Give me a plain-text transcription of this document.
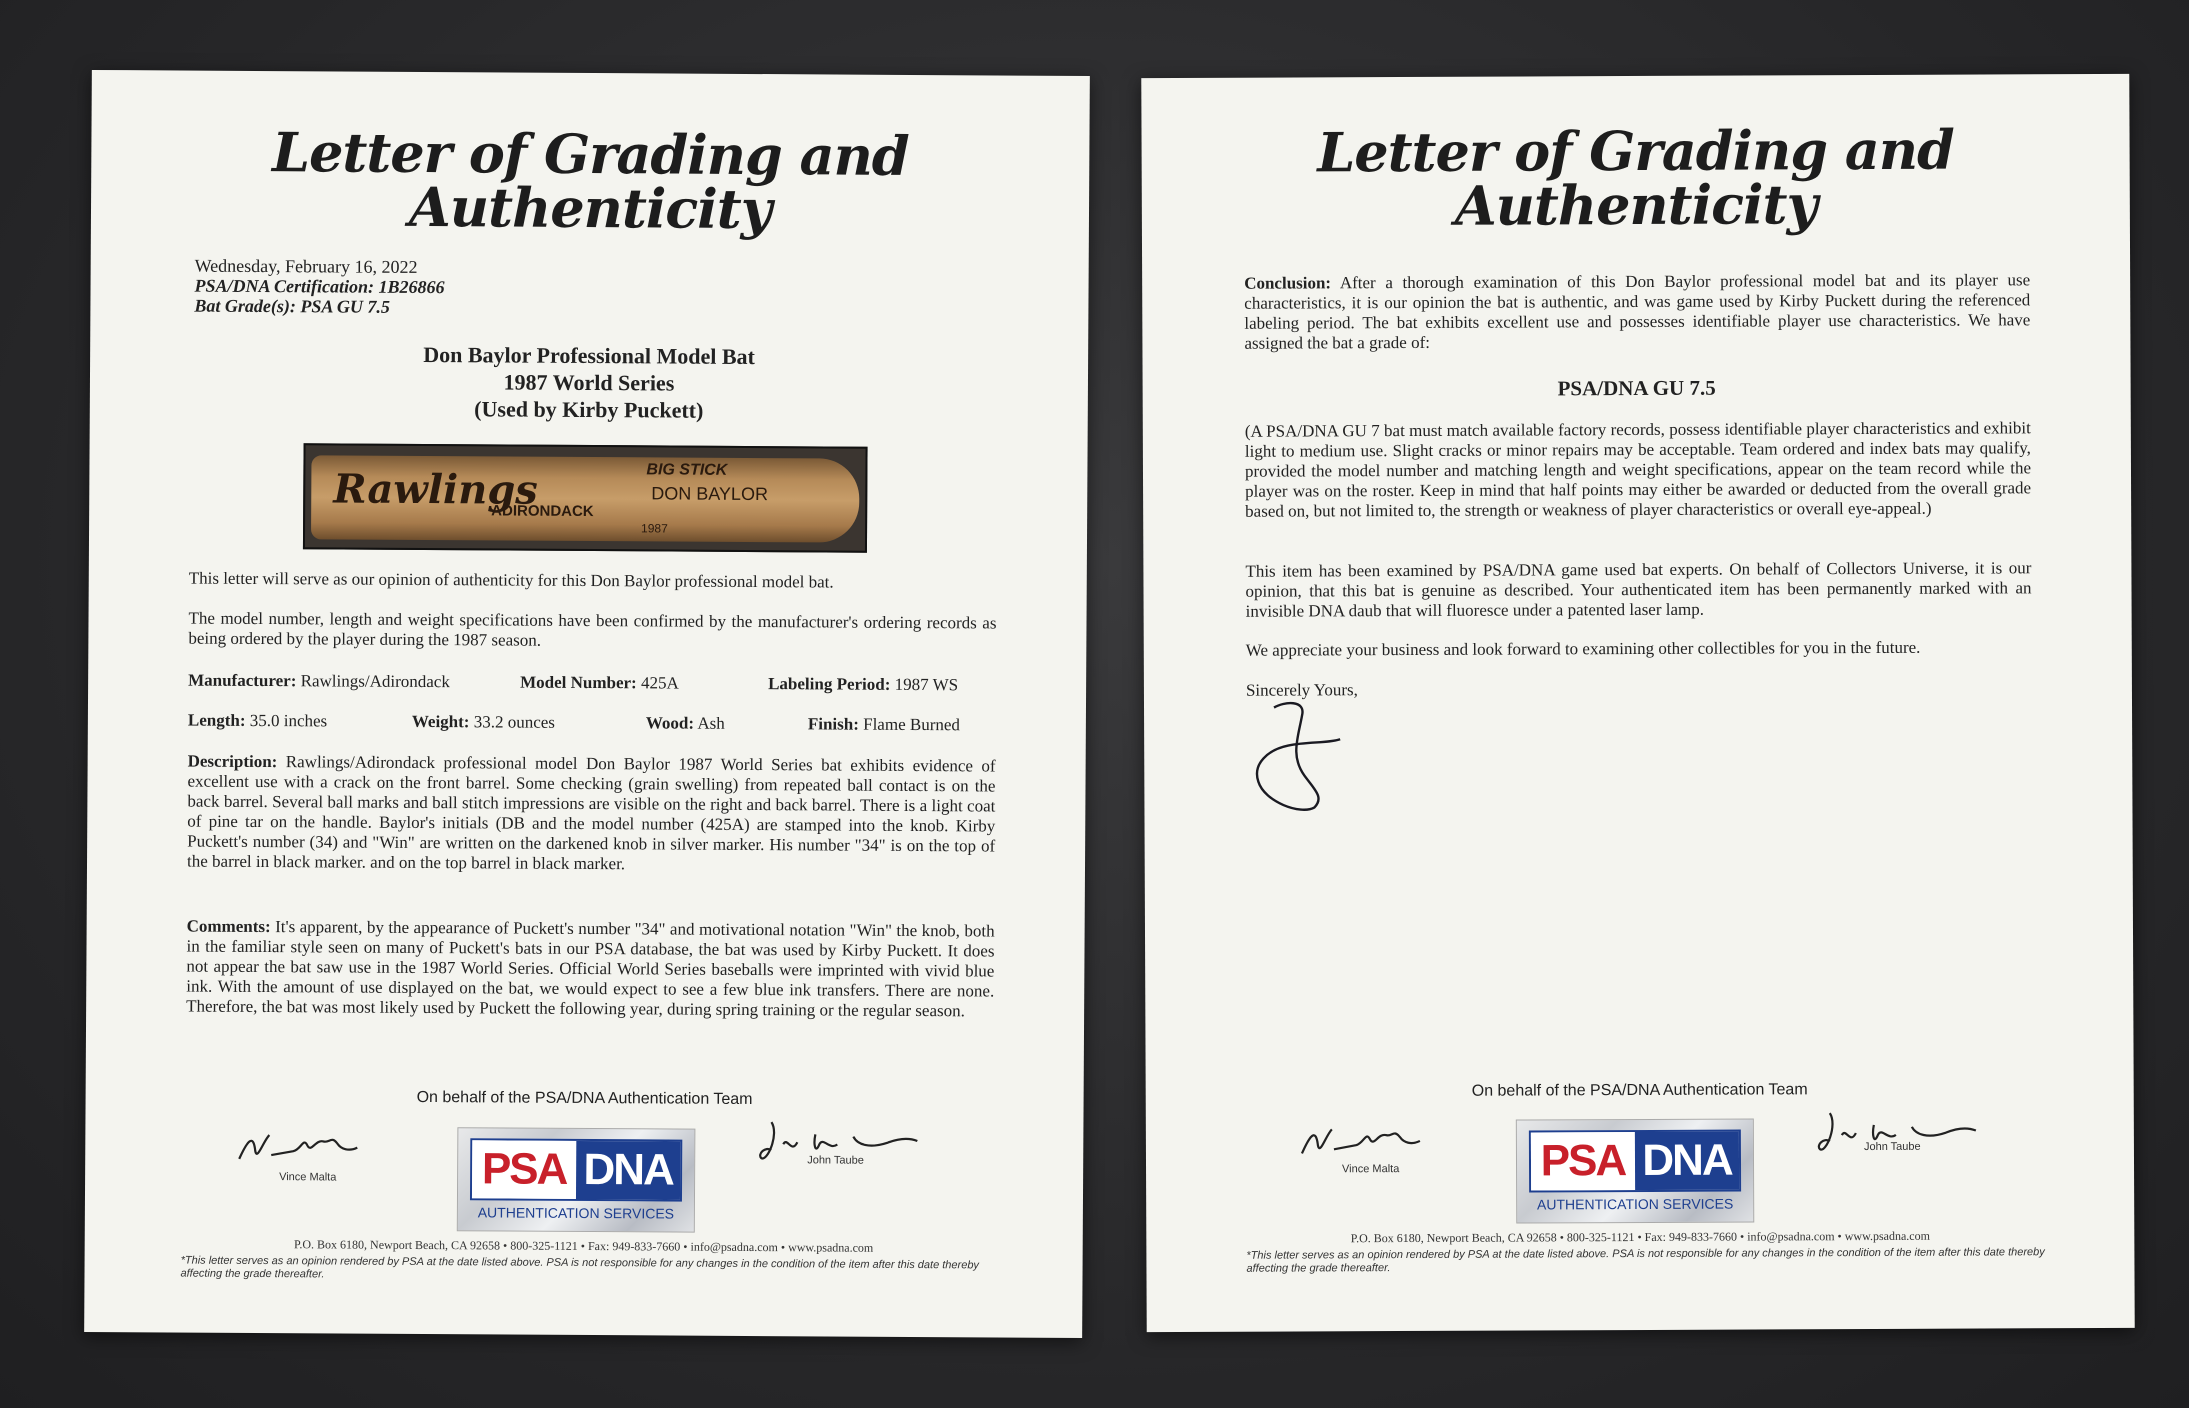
Letter of Grading and
Authenticity
Wednesday, February 16, 2022
PSA/DNA Certification: 1B26866
Bat Grade(s): PSA GU 7.5
Don Baylor Professional Model Bat
1987 World Series
(Used by Kirby Puckett)
Rawlings
ADIRONDACK
BIG STICK
DON BAYLOR
1987
This letter will serve as our opinion of authenticity for this Don Baylor professional model bat.
The model number, length and weight specifications have been confirmed by the manufacturer's ordering records as being ordered by the player during the 1987 season.
Manufacturer: Rawlings/Adirondack	Model Number: 425A	Labeling Period: 1987 WS
Length: 35.0 inches	Weight: 33.2 ounces	Wood: Ash	Finish: Flame Burned
Description: Rawlings/Adirondack professional model Don Baylor 1987 World Series bat exhibits evidence of excellent use with a crack on the front barrel. Some checking (grain swelling) from repeated ball contact is on the back barrel. Several ball marks and ball stitch impressions are visible on the right and back barrel. There is a light coat of pine tar on the handle. Baylor's initials (DB and the model number (425A) are stamped into the knob. Kirby Puckett's number (34) and "Win" are written on the darkened knob in silver marker. His number "34" is on the top of the barrel in black marker. and on the top barrel in black marker.
Comments: It's apparent, by the appearance of Puckett's number "34" and motivational notation "Win" the knob, both in the familiar style seen on many of Puckett's bats in our PSA database, the bat was used by Kirby Puckett. It does not appear the bat saw use in the 1987 World Series. Official World Series baseballs were imprinted with vivid blue ink. With the amount of use displayed on the bat, we would expect to see a few blue ink transfers. There are none. Therefore, the bat was most likely used by Puckett the following year, during spring training or the regular season.
On behalf of the PSA/DNA Authentication Team
Vince Malta	PSA DNA
AUTHENTICATION SERVICES
John Taube
P.O. Box 6180, Newport Beach, CA 92658 • 800-325-1121 • Fax: 949-833-7660 • info@psadna.com • www.psadna.com
*This letter serves as an opinion rendered by PSA at the date listed above. PSA is not responsible for any changes in the condition of the item after this date thereby affecting the grade thereafter.
Letter of Grading and
Authenticity
Conclusion: After a thorough examination of this Don Baylor professional model bat and its player use characteristics, it is our opinion the bat is authentic, and was game used by Kirby Puckett during the referenced labeling period. The bat exhibits excellent use and possesses identifiable player use characteristics. We have assigned the bat a grade of:
PSA/DNA GU 7.5
(A PSA/DNA GU 7 bat must match available factory records, possess identifiable player characteristics and exhibit light to medium use. Slight cracks or minor repairs may be acceptable. Team ordered and index bats may qualify, provided the model number and matching length and weight specifications, appear on the team record while the player was on the roster. Keep in mind that half points may either be awarded or deducted from the overall grade based on, but not limited to, the strength or weakness of player characteristics or overall eye-appeal.)
This item has been examined by PSA/DNA game used bat experts. On behalf of Collectors Universe, it is our opinion, that this bat is genuine as described. Your authenticated item has been permanently marked with an invisible DNA daub that will fluoresce under a patented laser lamp.
We appreciate your business and look forward to examining other collectibles for you in the future.
Sincerely Yours,
On behalf of the PSA/DNA Authentication Team
Vince Malta	PSA DNA
AUTHENTICATION SERVICES
John Taube
P.O. Box 6180, Newport Beach, CA 92658 • 800-325-1121 • Fax: 949-833-7660 • info@psadna.com • www.psadna.com
*This letter serves as an opinion rendered by PSA at the date listed above. PSA is not responsible for any changes in the condition of the item after this date thereby affecting the grade thereafter.
